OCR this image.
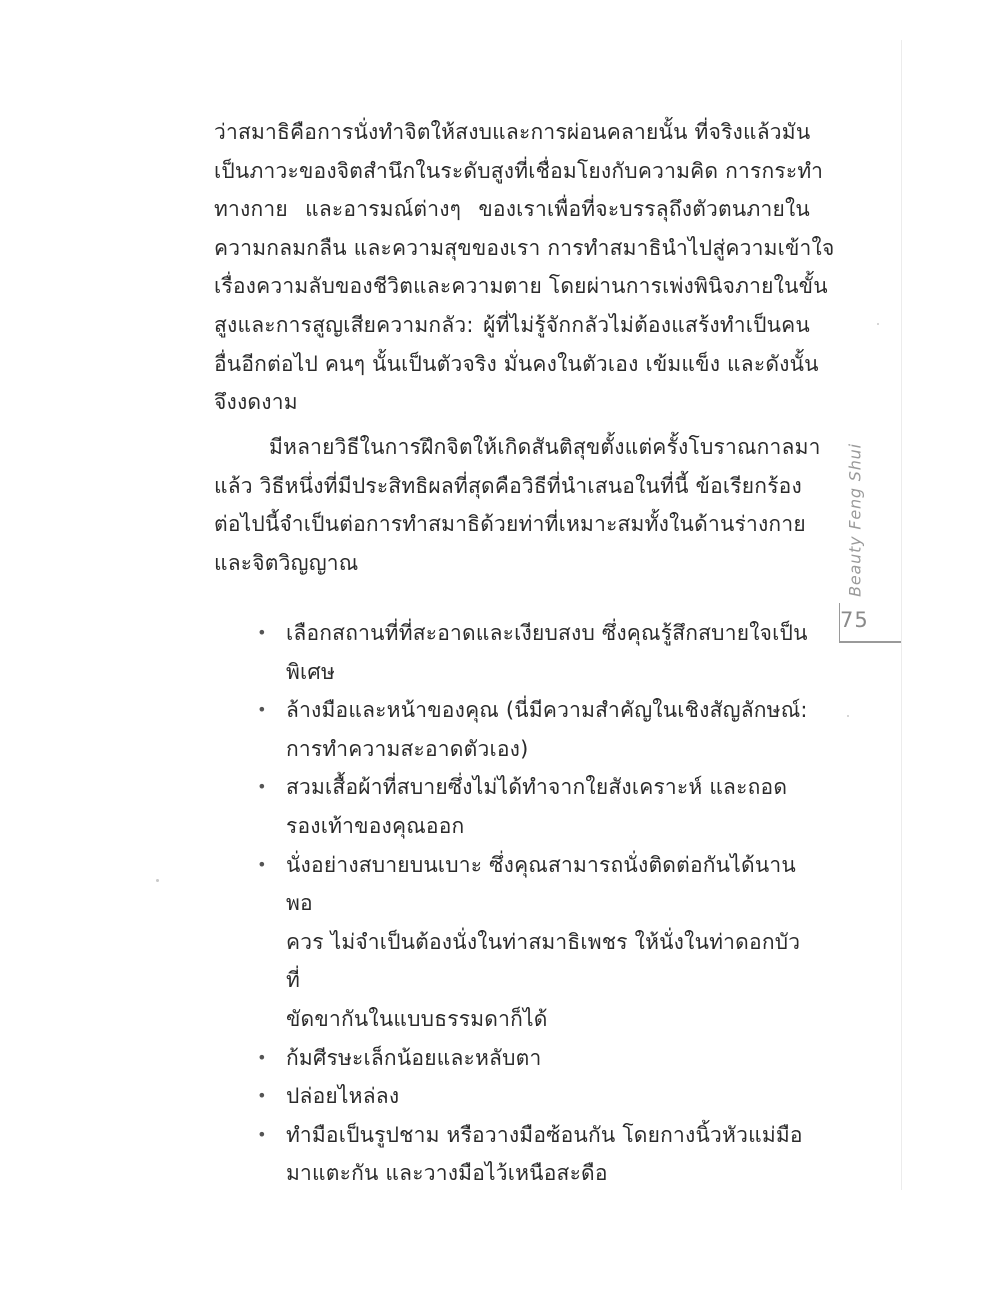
ว่าสมาธิคือการนั่งทำจิตให้สงบและการผ่อนคลายนั้น ที่จริงแล้วมัน
เป็นภาวะของจิตสำนึกในระดับสูงที่เชื่อมโยงกับความคิด การกระทำ
ทางกาย และอารมณ์ต่างๆ ของเราเพื่อที่จะบรรลุถึงตัวตนภายใน
ความกลมกลืน และความสุขของเรา การทำสมาธินำไปสู่ความเข้าใจ
เรื่องความลับของชีวิตและความตาย โดยผ่านการเพ่งพินิจภายในขั้น
สูงและการสูญเสียความกลัว: ผู้ที่ไม่รู้จักกลัวไม่ต้องแสร้งทำเป็นคน
อื่นอีกต่อไป คนๆ นั้นเป็นตัวจริง มั่นคงในตัวเอง เข้มแข็ง และดังนั้น
จึงงดงาม
มีหลายวิธีในการฝึกจิตให้เกิดสันติสุขตั้งแต่ครั้งโบราณกาลมา
แล้ว วิธีหนึ่งที่มีประสิทธิผลที่สุดคือวิธีที่นำเสนอในที่นี้ ข้อเรียกร้อง
ต่อไปนี้จำเป็นต่อการทำสมาธิด้วยท่าที่เหมาะสมทั้งในด้านร่างกาย
และจิตวิญญาณ
• เลือกสถานที่ที่สะอาดและเงียบสงบ ซึ่งคุณรู้สึกสบายใจเป็น
พิเศษ
• ล้างมือและหน้าของคุณ (นี่มีความสำคัญในเชิงสัญลักษณ์:
การทำความสะอาดตัวเอง)
• สวมเสื้อผ้าที่สบายซึ่งไม่ได้ทำจากใยสังเคราะห์ และถอด
รองเท้าของคุณออก
• นั่งอย่างสบายบนเบาะ ซึ่งคุณสามารถนั่งติดต่อกันได้นานพอ
ควร ไม่จำเป็นต้องนั่งในท่าสมาธิเพชร ให้นั่งในท่าดอกบัวที่
ขัดขากันในแบบธรรมดาก็ได้
• ก้มศีรษะเล็กน้อยและหลับตา
• ปล่อยไหล่ลง
• ทำมือเป็นรูปชาม หรือวางมือซ้อนกัน โดยกางนิ้วหัวแม่มือ
มาแตะกัน และวางมือไว้เหนือสะดือ
Beauty Feng Shui
75
